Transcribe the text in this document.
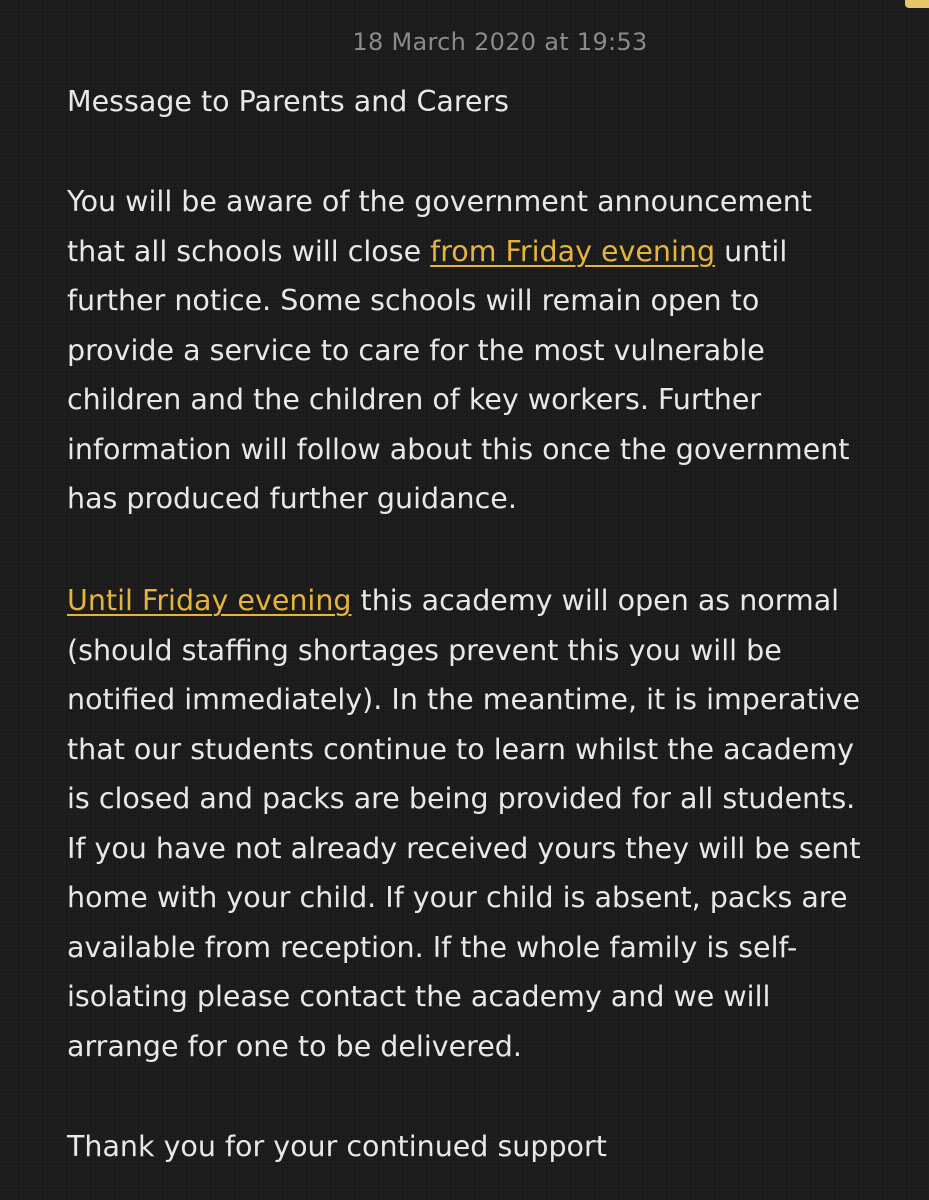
18 March 2020 at 19:53
Message to Parents and Carers
You will be aware of the government announcement
that all schools will close from Friday evening until
further notice. Some schools will remain open to
provide a service to care for the most vulnerable
children and the children of key workers. Further
information will follow about this once the government
has produced further guidance.
Until Friday evening this academy will open as normal
(should staffing shortages prevent this you will be
notified immediately). In the meantime, it is imperative
that our students continue to learn whilst the academy
is closed and packs are being provided for all students.
If you have not already received yours they will be sent
home with your child. If your child is absent, packs are
available from reception. If the whole family is self-
isolating please contact the academy and we will
arrange for one to be delivered.
Thank you for your continued support
